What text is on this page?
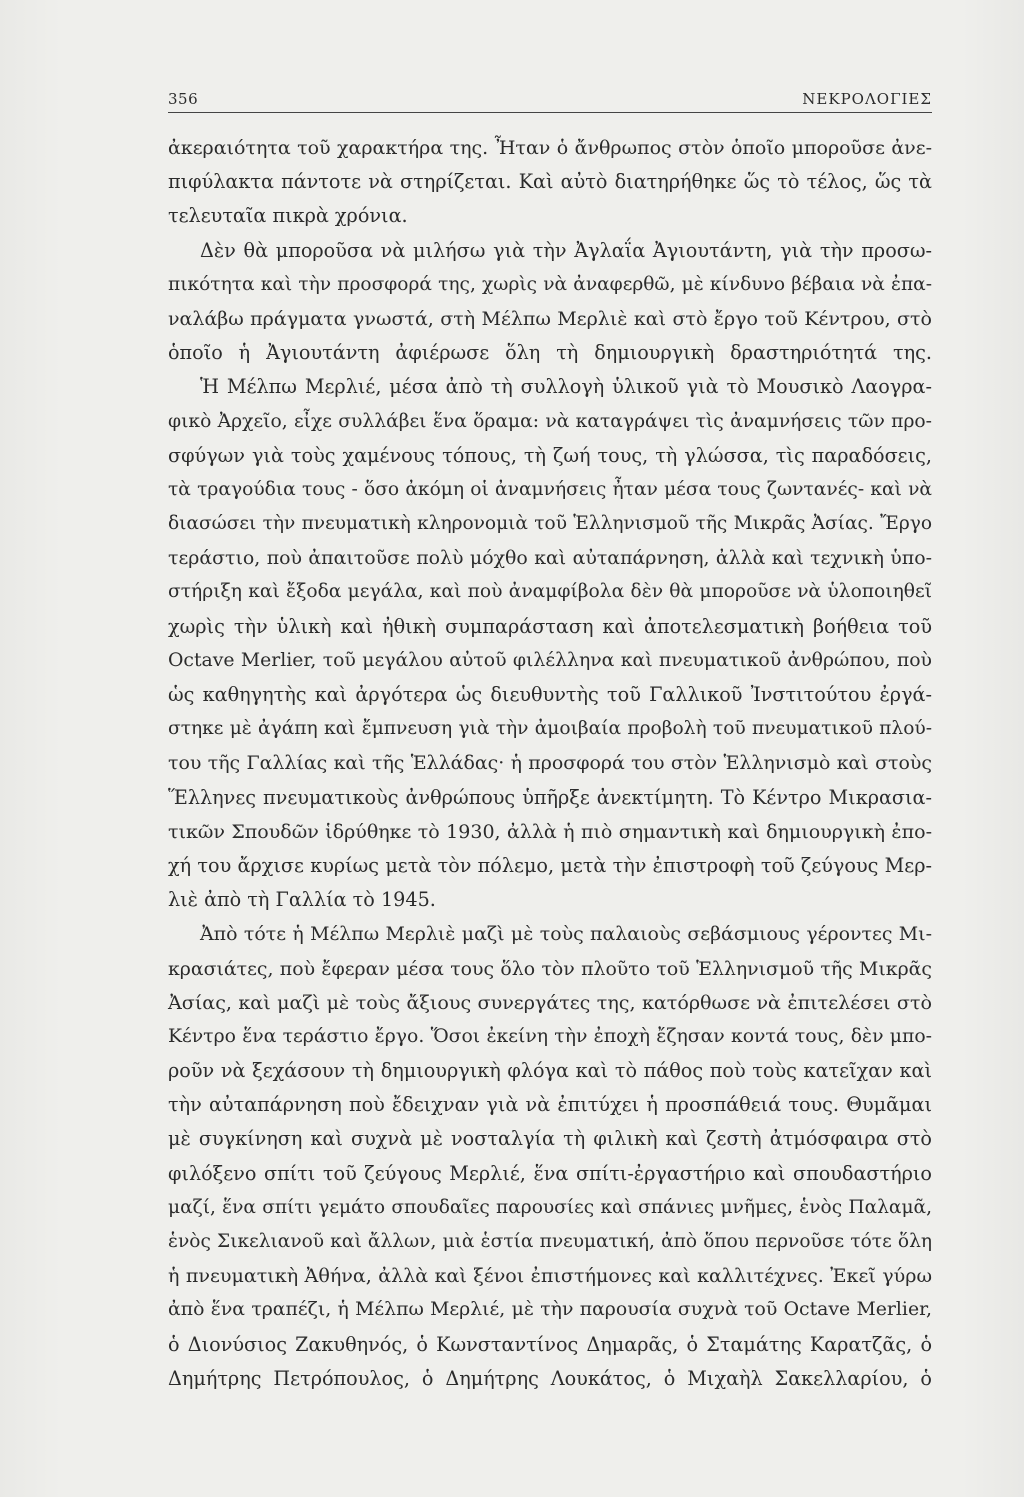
356	ΝΕΚΡΟΛΟΓΙΕΣ
ἀκεραιότητα τοῦ χαρακτήρα της. Ἦταν ὁ ἄνθρωπος στὸν ὁποῖο μποροῦσε ἀνε-
πιφύλακτα πάντοτε νὰ στηρίζεται. Καὶ αὐτὸ διατηρήθηκε ὥς τὸ τέλος, ὥς τὰ
τελευταῖα πικρὰ χρόνια.
Δὲν θὰ μποροῦσα νὰ μιλήσω γιὰ τὴν Ἀγλαΐα Ἀγιουτάντη, γιὰ τὴν προσω-
πικότητα καὶ τὴν προσφορά της, χωρὶς νὰ ἀναφερθῶ, μὲ κίνδυνο βέβαια νὰ ἐπα-
ναλάβω πράγματα γνωστά, στὴ Μέλπω Μερλιὲ καὶ στὸ ἔργο τοῦ Κέντρου, στὸ
ὁποῖο ἡ Ἀγιουτάντη ἀφιέρωσε ὅλη τὴ δημιουργικὴ δραστηριότητά της.
Ἡ Μέλπω Μερλιέ, μέσα ἀπὸ τὴ συλλογὴ ὑλικοῦ γιὰ τὸ Μουσικὸ Λαογρα-
φικὸ Ἀρχεῖο, εἶχε συλλάβει ἕνα ὅραμα: νὰ καταγράψει τὶς ἀναμνήσεις τῶν προ-
σφύγων γιὰ τοὺς χαμένους τόπους, τὴ ζωή τους, τὴ γλώσσα, τὶς παραδόσεις,
τὰ τραγούδια τους - ὅσο ἀκόμη οἱ ἀναμνήσεις ἦταν μέσα τους ζωντανές- καὶ νὰ
διασώσει τὴν πνευματικὴ κληρονομιὰ τοῦ Ἑλληνισμοῦ τῆς Μικρᾶς Ἀσίας. Ἔργο
τεράστιο, ποὺ ἀπαιτοῦσε πολὺ μόχθο καὶ αὐταπάρνηση, ἀλλὰ καὶ τεχνικὴ ὑπο-
στήριξη καὶ ἔξοδα μεγάλα, καὶ ποὺ ἀναμφίβολα δὲν θὰ μποροῦσε νὰ ὑλοποιηθεῖ
χωρὶς τὴν ὑλικὴ καὶ ἠθικὴ συμπαράσταση καὶ ἀποτελεσματικὴ βοήθεια τοῦ
Octave Merlier, τοῦ μεγάλου αὐτοῦ φιλέλληνα καὶ πνευματικοῦ ἀνθρώπου, ποὺ
ὡς καθηγητὴς καὶ ἀργότερα ὡς διευθυντὴς τοῦ Γαλλικοῦ Ἰνστιτούτου ἐργά-
στηκε μὲ ἀγάπη καὶ ἔμπνευση γιὰ τὴν ἀμοιβαία προβολὴ τοῦ πνευματικοῦ πλού-
του τῆς Γαλλίας καὶ τῆς Ἑλλάδας· ἡ προσφορά του στὸν Ἑλληνισμὸ καὶ στοὺς
Ἕλληνες πνευματικοὺς ἀνθρώπους ὑπῆρξε ἀνεκτίμητη. Τὸ Κέντρο Μικρασια-
τικῶν Σπουδῶν ἱδρύθηκε τὸ 1930, ἀλλὰ ἡ πιὸ σημαντικὴ καὶ δημιουργικὴ ἐπο-
χή του ἄρχισε κυρίως μετὰ τὸν πόλεμο, μετὰ τὴν ἐπιστροφὴ τοῦ ζεύγους Μερ-
λιὲ ἀπὸ τὴ Γαλλία τὸ 1945.
Ἀπὸ τότε ἡ Μέλπω Μερλιὲ μαζὶ μὲ τοὺς παλαιοὺς σεβάσμιους γέροντες Μι-
κρασιάτες, ποὺ ἔφεραν μέσα τους ὅλο τὸν πλοῦτο τοῦ Ἑλληνισμοῦ τῆς Μικρᾶς
Ἀσίας, καὶ μαζὶ μὲ τοὺς ἄξιους συνεργάτες της, κατόρθωσε νὰ ἐπιτελέσει στὸ
Κέντρο ἕνα τεράστιο ἔργο. Ὅσοι ἐκείνη τὴν ἐποχὴ ἔζησαν κοντά τους, δὲν μπο-
ροῦν νὰ ξεχάσουν τὴ δημιουργικὴ φλόγα καὶ τὸ πάθος ποὺ τοὺς κατεῖχαν καὶ
τὴν αὐταπάρνηση ποὺ ἔδειχναν γιὰ νὰ ἐπιτύχει ἡ προσπάθειά τους. Θυμᾶμαι
μὲ συγκίνηση καὶ συχνὰ μὲ νοσταλγία τὴ φιλικὴ καὶ ζεστὴ ἀτμόσφαιρα στὸ
φιλόξενο σπίτι τοῦ ζεύγους Μερλιέ, ἕνα σπίτι-ἐργαστήριο καὶ σπουδαστήριο
μαζί, ἕνα σπίτι γεμάτο σπουδαῖες παρουσίες καὶ σπάνιες μνῆμες, ἑνὸς Παλαμᾶ,
ἑνὸς Σικελιανοῦ καὶ ἄλλων, μιὰ ἑστία πνευματική, ἀπὸ ὅπου περνοῦσε τότε ὅλη
ἡ πνευματικὴ Ἀθήνα, ἀλλὰ καὶ ξένοι ἐπιστήμονες καὶ καλλιτέχνες. Ἐκεῖ γύρω
ἀπὸ ἕνα τραπέζι, ἡ Μέλπω Μερλιέ, μὲ τὴν παρουσία συχνὰ τοῦ Octave Merlier,
ὁ Διονύσιος Ζακυθηνός, ὁ Κωνσταντίνος Δημαρᾶς, ὁ Σταμάτης Καρατζᾶς, ὁ
Δημήτρης Πετρόπουλος, ὁ Δημήτρης Λουκάτος, ὁ Μιχαὴλ Σακελλαρίου, ὁ
